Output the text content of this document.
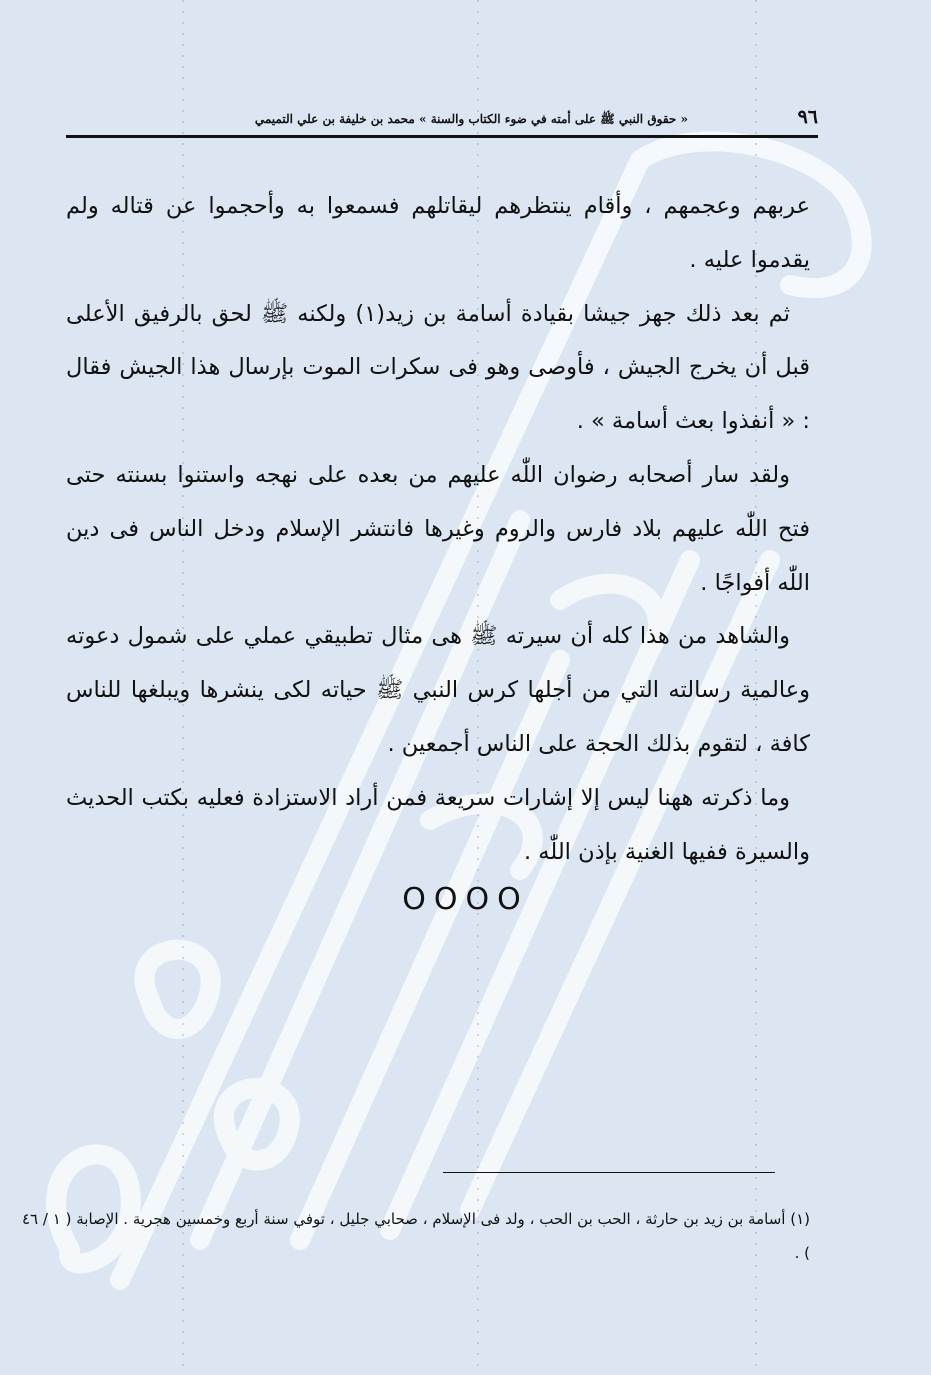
« حقوق النبي ﷺ على أمته في ضوء الكتاب والسنة » محمد بن خليفة بن علي التميمي	٩٦

عربهم وعجمهم ، وأقام ينتظرهم ليقاتلهم فسمعوا به وأحجموا عن قتاله ولم يقدموا عليه .

ثم بعد ذلك جهز جيشا بقيادة أسامة بن زيد(١) ولكنه ﷺ لحق بالرفيق الأعلى قبل أن يخرج الجيش ، فأوصى وهو فى سكرات الموت بإرسال هذا الجيش فقال : « أنفذوا بعث أسامة » .

ولقد سار أصحابه رضوان اللّٰه عليهم من بعده على نهجه واستنوا بسنته حتى فتح اللّٰه عليهم بلاد فارس والروم وغيرها فانتشر الإسلام ودخل الناس فى دين اللّٰه أفواجًا .

والشاهد من هذا كله أن سيرته ﷺ هى مثال تطبيقي عملي على شمول دعوته وعالمية رسالته التي من أجلها كرس النبي ﷺ حياته لكى ينشرها ويبلغها للناس كافة ، لتقوم بذلك الحجة على الناس أجمعين .

وما ذكرته ههنا ليس إلا إشارات سريعة فمن أراد الاستزادة فعليه بكتب الحديث والسيرة ففيها الغنية بإذن اللّٰه .

OOOO

(١) أسامة بن زيد بن حارثة ، الحب بن الحب ، ولد فى الإسلام ، صحابي جليل ، توفي سنة أربع وخمسين هجرية . الإصابة ( ١ / ٤٦ ) .
